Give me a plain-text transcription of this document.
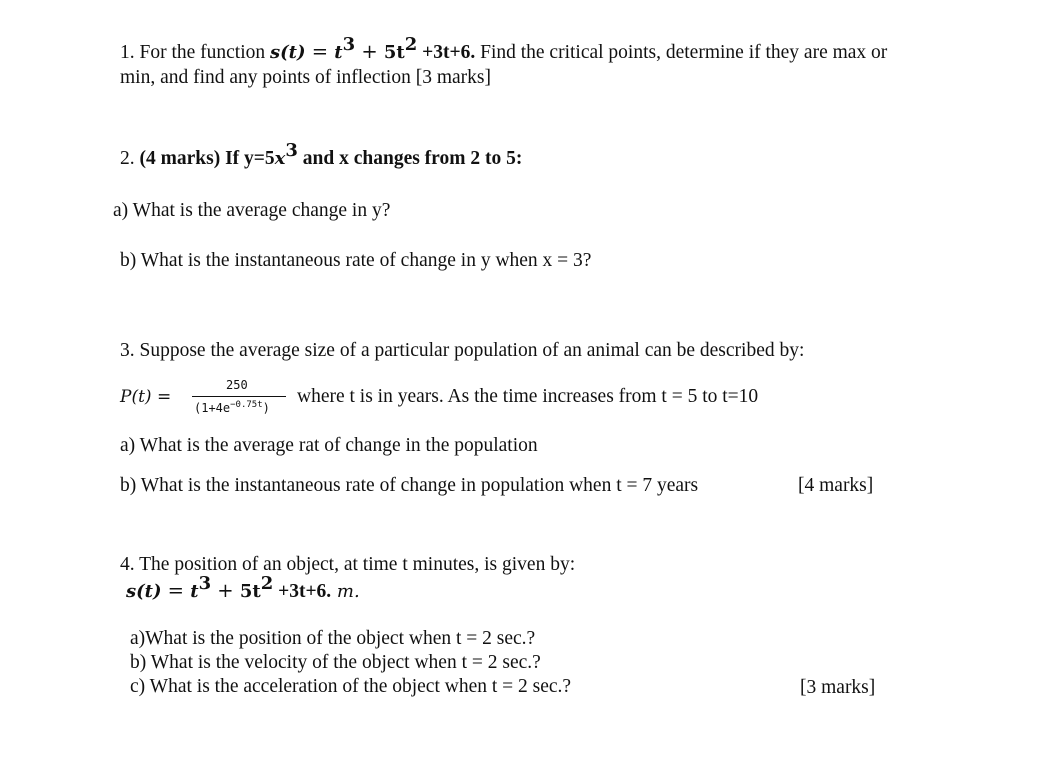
1. For the function $s(t) = t^3 + 5t^2 +3t+6$. Find the critical points, determine if they are max or
min, and find any points of inflection [3 marks]
2. (4 marks) If $y=5x^3$ and x changes from 2 to 5:
a) What is the average change in y?
b) What is the instantaneous rate of change in y when x = 3?
3. Suppose the average size of a particular population of an animal can be described by:
P(t) =
250
$(1+4e^{-0.75t})$
where t is in years. As the time increases from t = 5 to t=10
a) What is the average rat of change in the population
b) What is the instantaneous rate of change in population when t = 7 years	[4 marks]
4. The position of an object, at time t minutes, is given by:
$s(t) = t^3 + 5t^2 +3t+6$. m.
a)What is the position of the object when t = 2 sec.?
b) What is the velocity of the object when t = 2 sec.?
c) What is the acceleration of the object when t = 2 sec.?	[3 marks]
